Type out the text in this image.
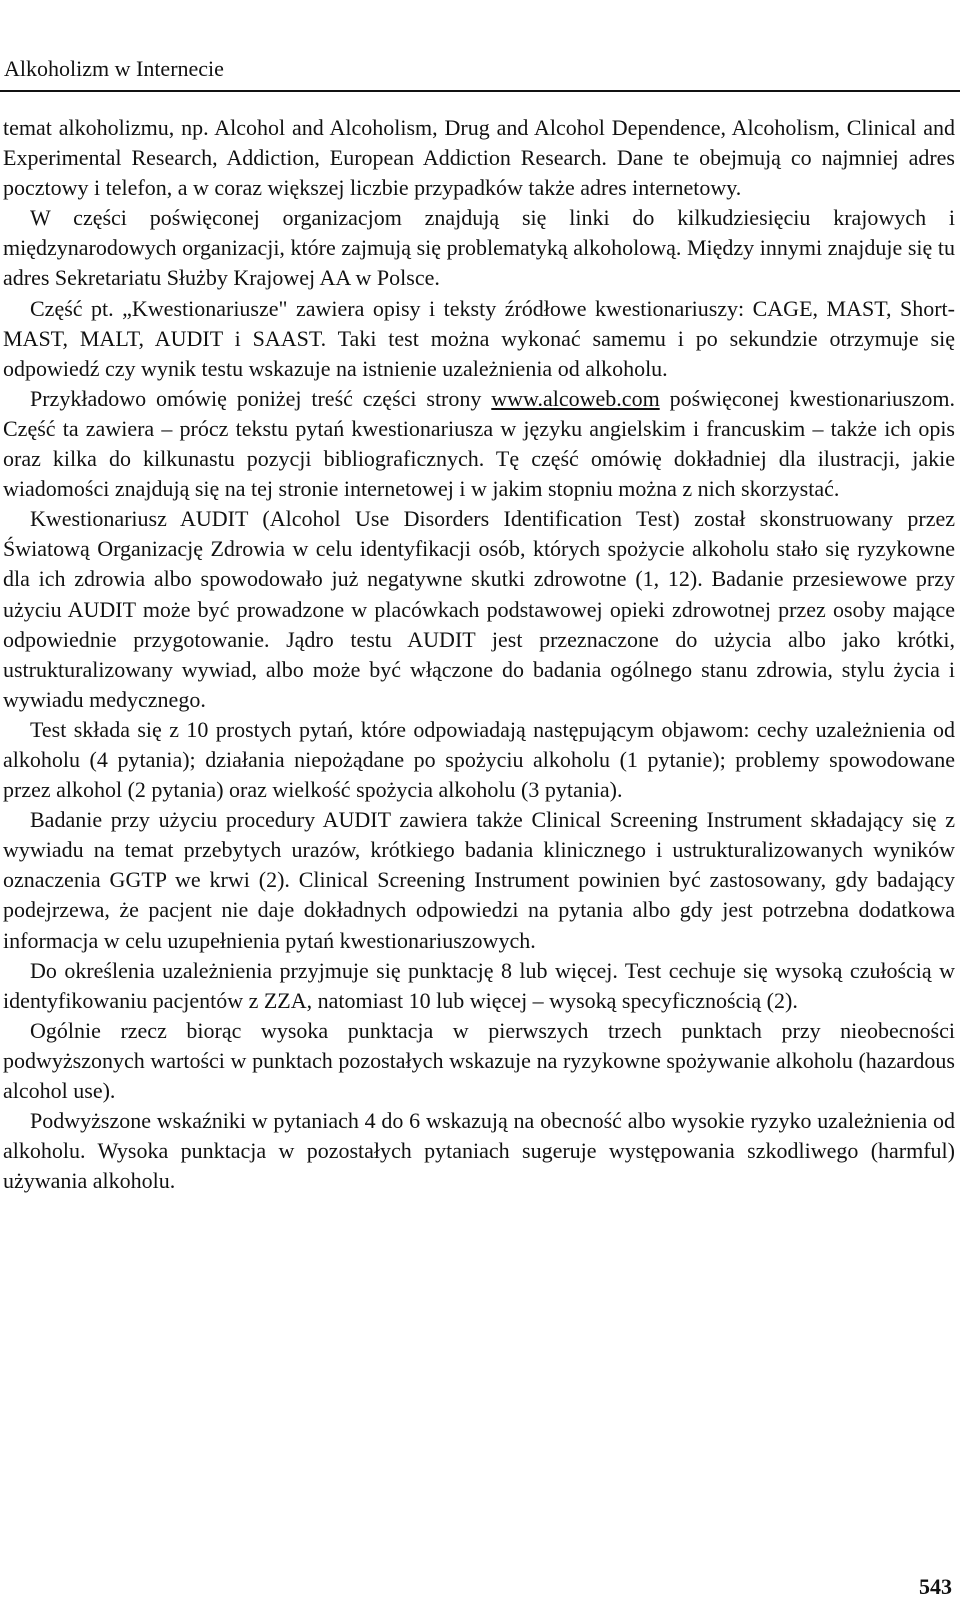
Alkoholizm w Internecie

temat alkoholizmu, np. Alcohol and Alcoholism, Drug and Alcohol Dependence, Alcoholism, Clinical and Experimental Research, Addiction, European Addiction Research. Dane te obejmują co najmniej adres pocztowy i telefon, a w coraz większej liczbie przypadków także adres internetowy.

W części poświęconej organizacjom znajdują się linki do kilkudziesięciu krajowych i międzynarodowych organizacji, które zajmują się problematyką alkoholową. Między innymi znajduje się tu adres Sekretariatu Służby Krajowej AA w Polsce.

Część pt. „Kwestionariusze" zawiera opisy i teksty źródłowe kwestionariuszy: CAGE, MAST, Short-MAST, MALT, AUDIT i SAAST. Taki test można wykonać samemu i po sekundzie otrzymuje się odpowiedź czy wynik testu wskazuje na istnienie uzależnienia od alkoholu.

Przykładowo omówię poniżej treść części strony www.alcoweb.com poświęconej kwestionariuszom. Część ta zawiera – prócz tekstu pytań kwestionariusza w języku angielskim i francuskim – także ich opis oraz kilka do kilkunastu pozycji bibliograficznych. Tę część omówię dokładniej dla ilustracji, jakie wiadomości znajdują się na tej stronie internetowej i w jakim stopniu można z nich skorzystać.

Kwestionariusz AUDIT (Alcohol Use Disorders Identification Test) został skonstruowany przez Światową Organizację Zdrowia w celu identyfikacji osób, których spożycie alkoholu stało się ryzykowne dla ich zdrowia albo spowodowało już negatywne skutki zdrowotne (1, 12). Badanie przesiewowe przy użyciu AUDIT może być prowadzone w placówkach podstawowej opieki zdrowotnej przez osoby mające odpowiednie przygotowanie. Jądro testu AUDIT jest przeznaczone do użycia albo jako krótki, ustrukturalizowany wywiad, albo może być włączone do badania ogólnego stanu zdrowia, stylu życia i wywiadu medycznego.

Test składa się z 10 prostych pytań, które odpowiadają następującym objawom: cechy uzależnienia od alkoholu (4 pytania); działania niepożądane po spożyciu alkoholu (1 pytanie); problemy spowodowane przez alkohol (2 pytania) oraz wielkość spożycia alkoholu (3 pytania).

Badanie przy użyciu procedury AUDIT zawiera także Clinical Screening Instrument składający się z wywiadu na temat przebytych urazów, krótkiego badania klinicznego i ustrukturalizowanych wyników oznaczenia GGTP we krwi (2). Clinical Screening Instrument powinien być zastosowany, gdy badający podejrzewa, że pacjent nie daje dokładnych odpowiedzi na pytania albo gdy jest potrzebna dodatkowa informacja w celu uzupełnienia pytań kwestionariuszowych.

Do określenia uzależnienia przyjmuje się punktację 8 lub więcej. Test cechuje się wysoką czułością w identyfikowaniu pacjentów z ZZA, natomiast 10 lub więcej – wysoką specyficznością (2).

Ogólnie rzecz biorąc wysoka punktacja w pierwszych trzech punktach przy nieobecności podwyższonych wartości w punktach pozostałych wskazuje na ryzykowne spożywanie alkoholu (hazardous alcohol use).

Podwyższone wskaźniki w pytaniach 4 do 6 wskazują na obecność albo wysokie ryzyko uzależnienia od alkoholu. Wysoka punktacja w pozostałych pytaniach sugeruje występowania szkodliwego (harmful) używania alkoholu.

543
